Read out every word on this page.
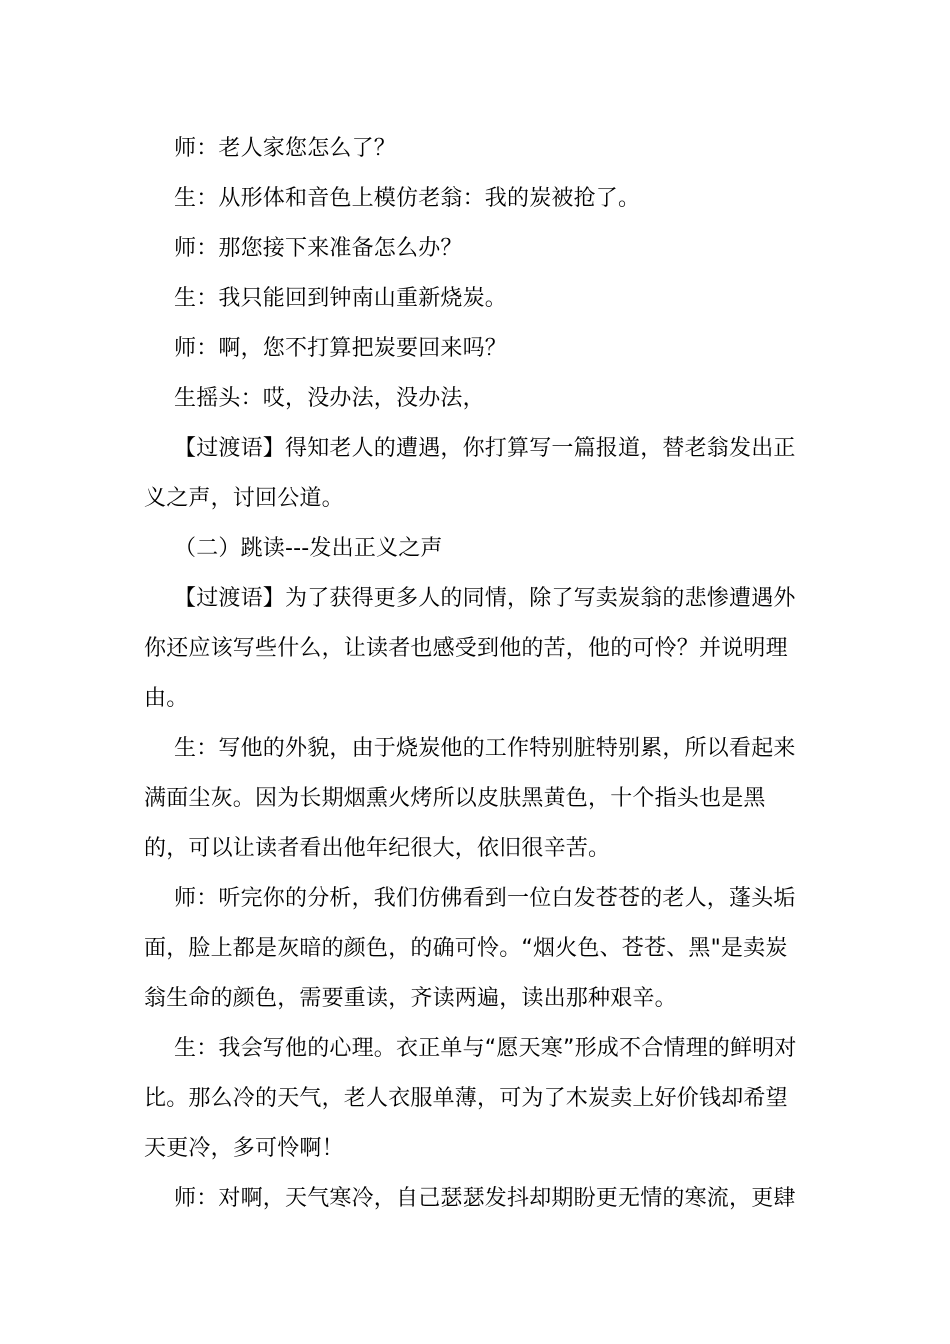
师：老人家您怎么了？

生：从形体和音色上模仿老翁：我的炭被抢了。

师：那您接下来准备怎么办？

生：我只能回到钟南山重新烧炭。

师：啊，您不打算把炭要回来吗？

生摇头：哎，没办法，没办法，

【过渡语】得知老人的遭遇，你打算写一篇报道，替老翁发出正义之声，讨回公道。

（二）跳读---发出正义之声

【过渡语】为了获得更多人的同情，除了写卖炭翁的悲惨遭遇外你还应该写些什么，让读者也感受到他的苦，他的可怜？并说明理由。

生：写他的外貌，由于烧炭他的工作特别脏特别累，所以看起来满面尘灰。因为长期烟熏火烤所以皮肤黑黄色，十个指头也是黑的，可以让读者看出他年纪很大，依旧很辛苦。

师：听完你的分析，我们仿佛看到一位白发苍苍的老人，蓬头垢面，脸上都是灰暗的颜色，的确可怜。“烟火色、苍苍、黑"是卖炭翁生命的颜色，需要重读，齐读两遍，读出那种艰辛。

生：我会写他的心理。衣正单与“愿天寒”形成不合情理的鲜明对比。那么冷的天气，老人衣服单薄，可为了木炭卖上好价钱却希望天更冷，多可怜啊！

师：对啊，天气寒冷，自己瑟瑟发抖却期盼更无情的寒流，更肆
